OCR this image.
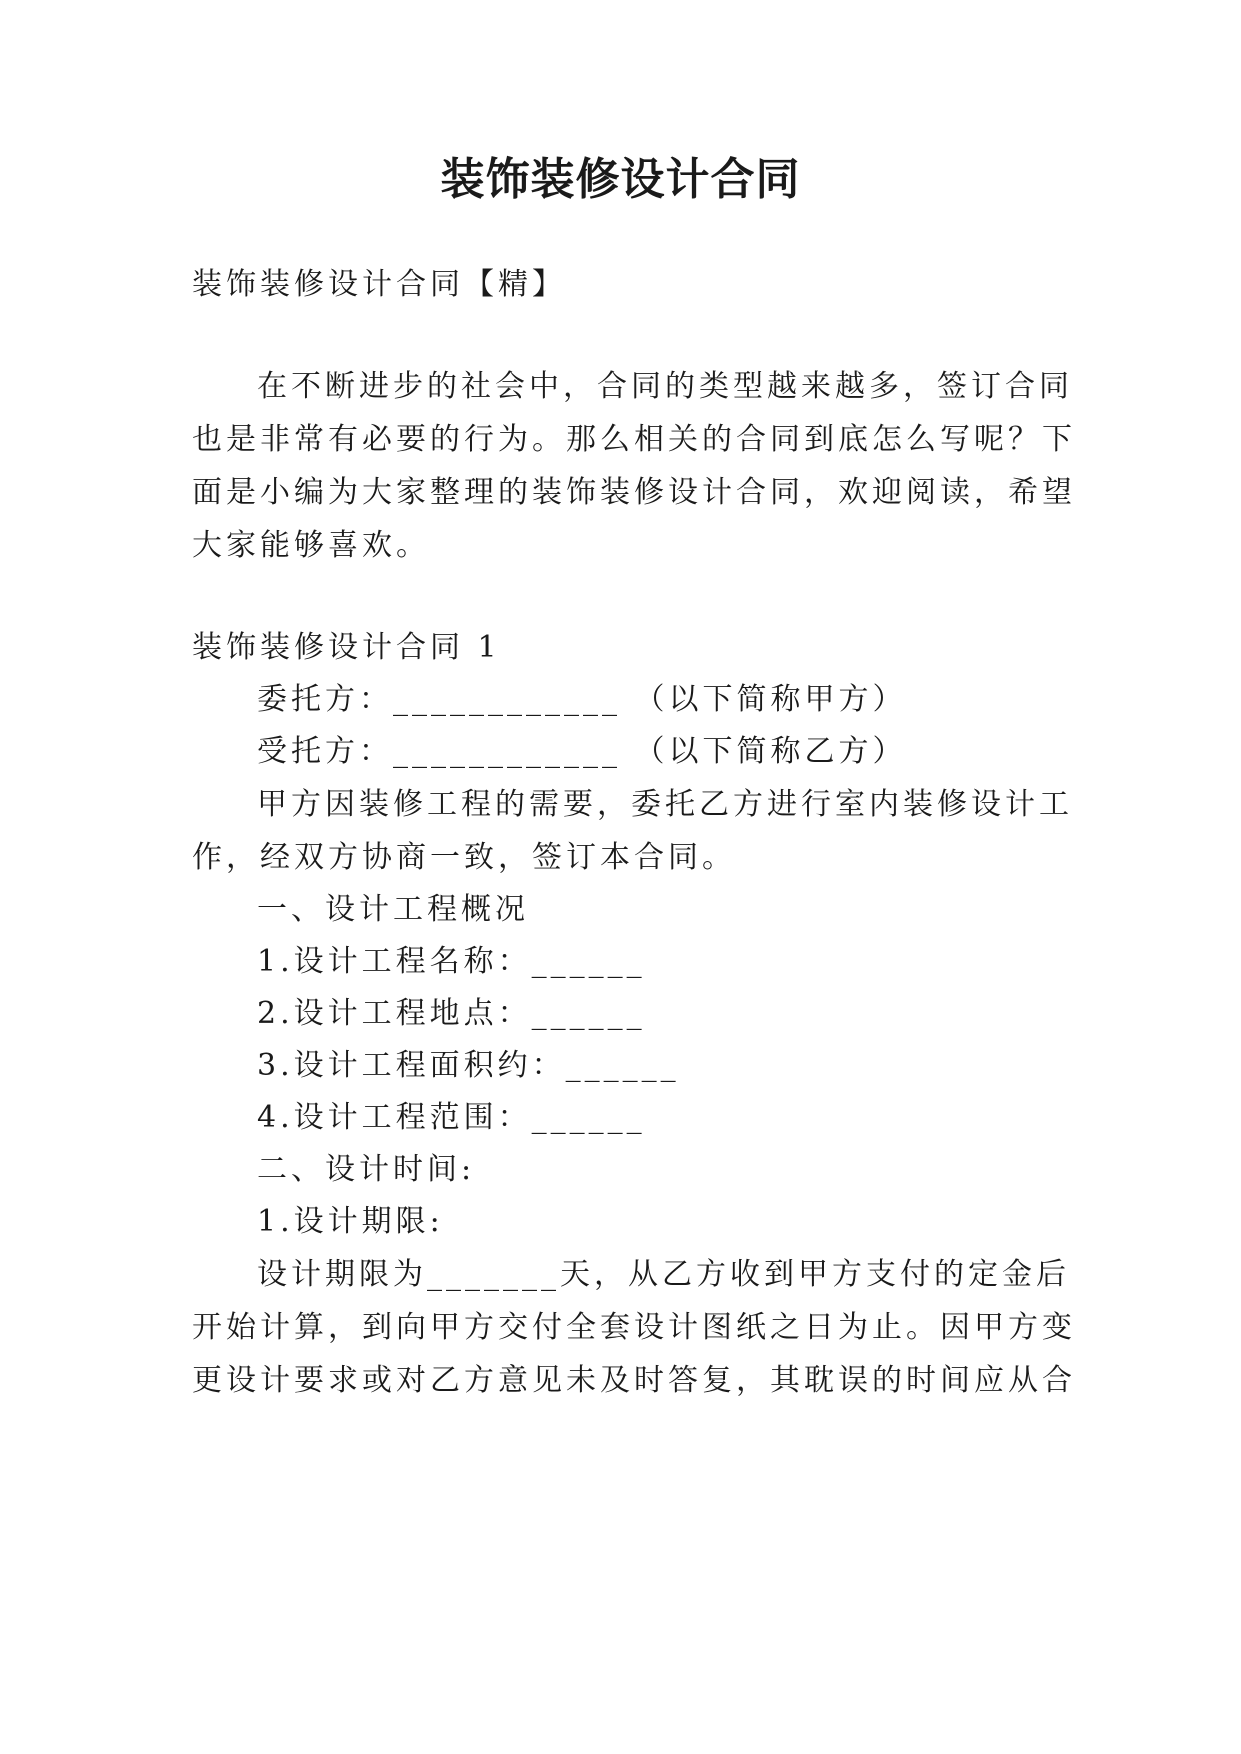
装饰装修设计合同
装饰装修设计合同【精】
在不断进步的社会中，合同的类型越来越多，签订合同
也是非常有必要的行为。那么相关的合同到底怎么写呢？下
面是小编为大家整理的装饰装修设计合同，欢迎阅读，希望
大家能够喜欢。
装饰装修设计合同 1
委托方：____________ （以下简称甲方）
受托方：____________ （以下简称乙方）
甲方因装修工程的需要，委托乙方进行室内装修设计工
作，经双方协商一致，签订本合同。
一、设计工程概况
1.设计工程名称：______
2.设计工程地点：______
3.设计工程面积约：______
4.设计工程范围：______
二、设计时间:
1.设计期限:
设计期限为_______天，从乙方收到甲方支付的定金后
开始计算，到向甲方交付全套设计图纸之日为止。因甲方变
更设计要求或对乙方意见未及时答复，其耽误的时间应从合
